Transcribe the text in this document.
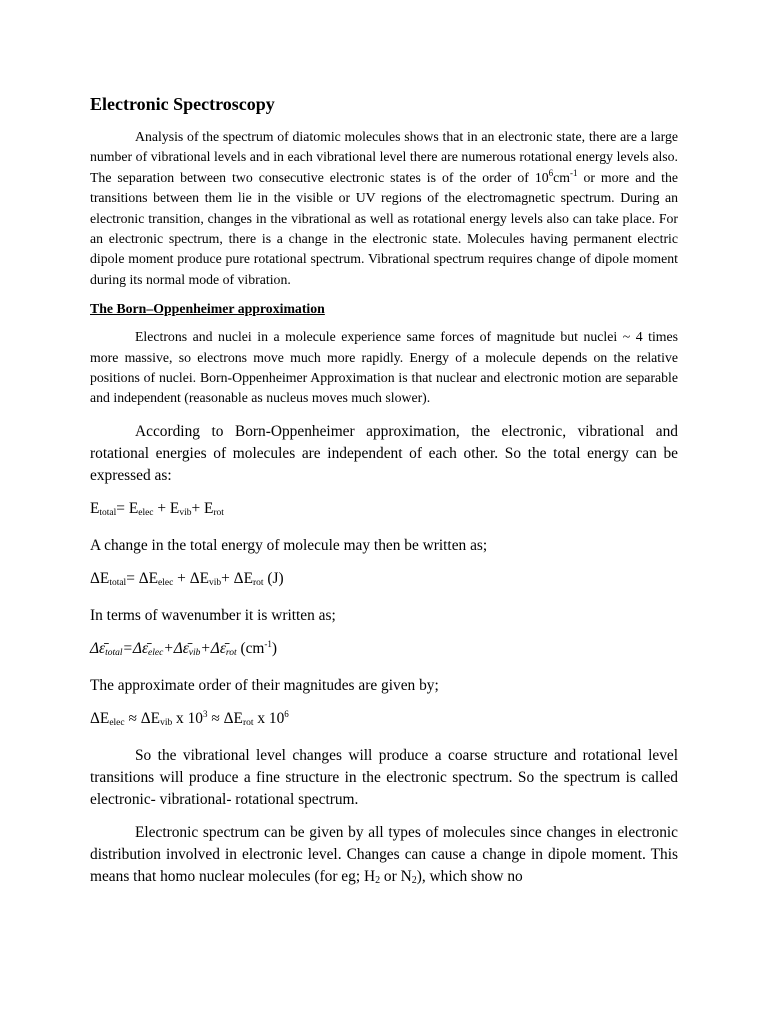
Electronic Spectroscopy

Analysis of the spectrum of diatomic molecules shows that in an electronic state, there are a large number of vibrational levels and in each vibrational level there are numerous rotational energy levels also. The separation between two consecutive electronic states is of the order of $10^6cm^{-1}$ or more and the transitions between them lie in the visible or UV regions of the electromagnetic spectrum. During an electronic transition, changes in the vibrational as well as rotational energy levels also can take place. For an electronic spectrum, there is a change in the electronic state. Molecules having permanent electric dipole moment produce pure rotational spectrum. Vibrational spectrum requires change of dipole moment during its normal mode of vibration.

The Born–Oppenheimer approximation

Electrons and nuclei in a molecule experience same forces of magnitude but nuclei ~ 4 times more massive, so electrons move much more rapidly. Energy of a molecule depends on the relative positions of nuclei. Born-Oppenheimer Approximation is that nuclear and electronic motion are separable and independent (reasonable as nucleus moves much slower).

According to Born-Oppenheimer approximation, the electronic, vibrational and rotational energies of molecules are independent of each other. So the total energy can be expressed as:

$E_{total}= E_{elec} + E_{vib}+ E_{rot}$

A change in the total energy of molecule may then be written as;

$\Delta E_{total}= \Delta E_{elec} + \Delta E_{vib}+ \Delta E_{rot}$ (J)

In terms of wavenumber it is written as;

$\Delta\varepsilon̄_{total}=\Delta\varepsilon̄_{elec}+\Delta\varepsilon̄_{vib}+\Delta\varepsilon̄_{rot}$ $(cm^{-1})$

The approximate order of their magnitudes are given by;

$\Delta E_{elec} \approx \Delta E_{vib}$ x $10^3 \approx \Delta E_{rot}$ x $10^6$

So the vibrational level changes will produce a coarse structure and rotational level transitions will produce a fine structure in the electronic spectrum. So the spectrum is called electronic- vibrational- rotational spectrum.

Electronic spectrum can be given by all types of molecules since changes in electronic distribution involved in electronic level. Changes can cause a change in dipole moment. This means that homo nuclear molecules (for eg; $H_2$ or $N_2$), which show no
